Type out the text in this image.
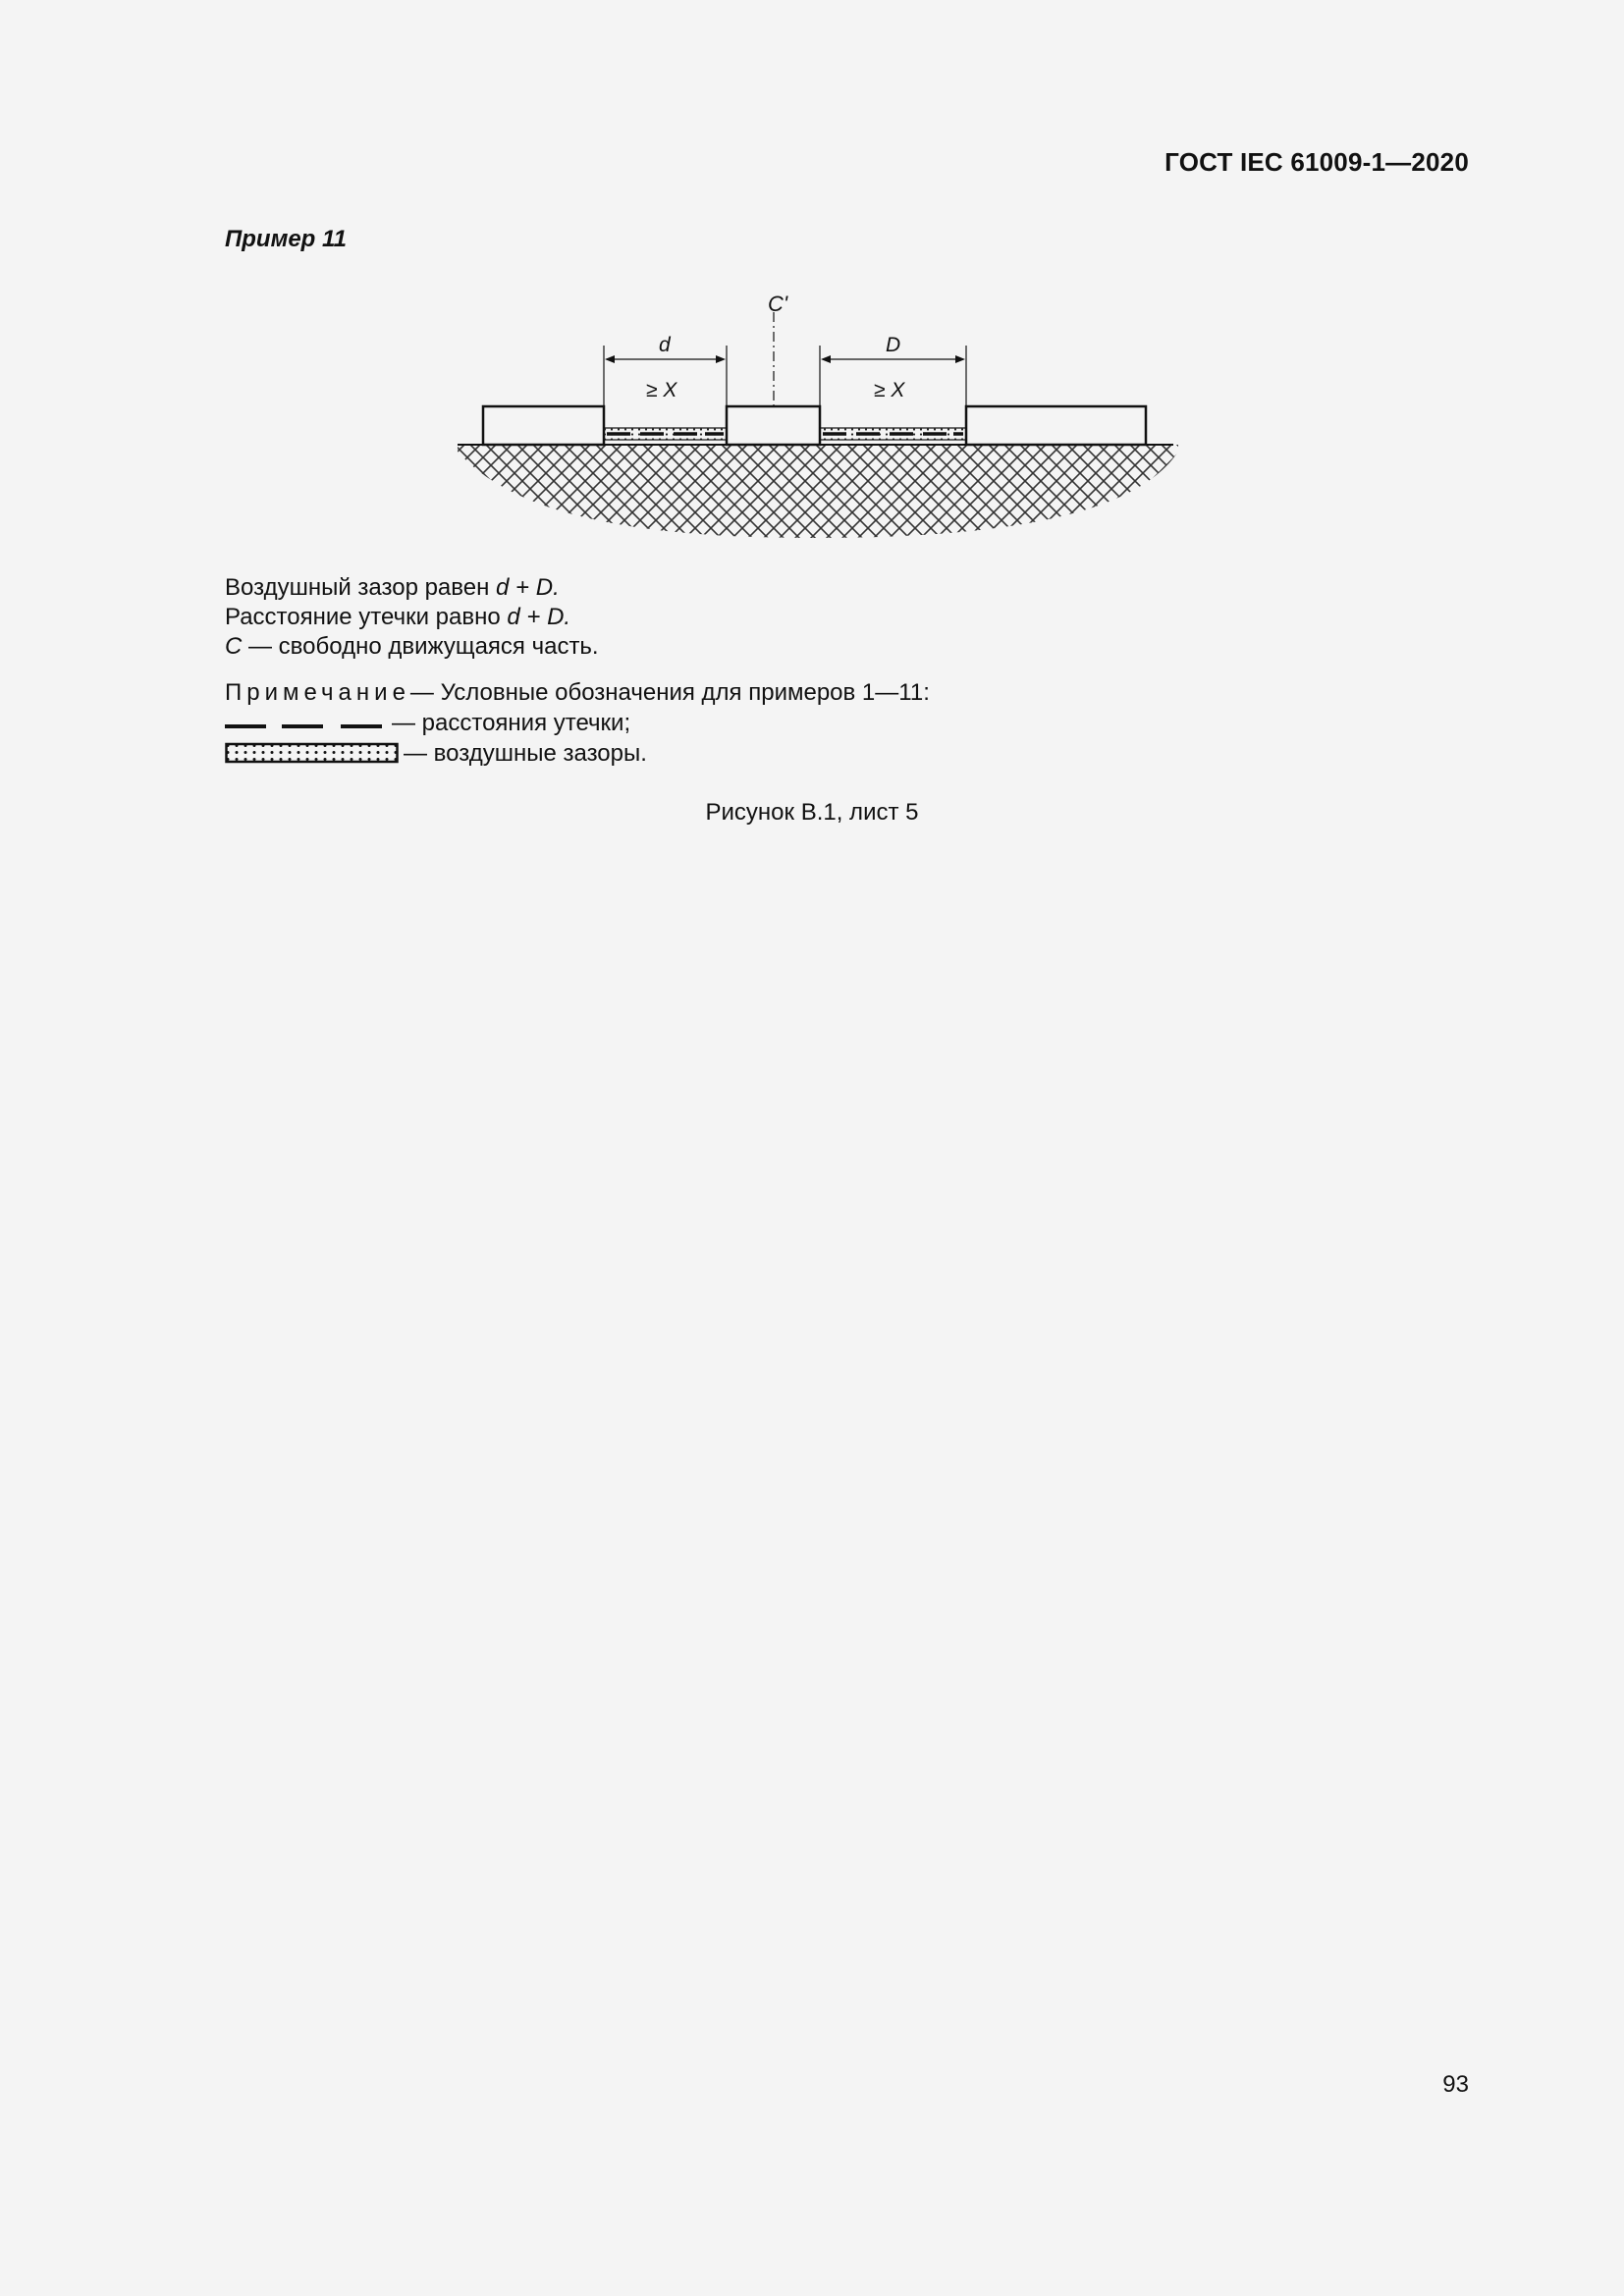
ГОСТ IEC 61009-1—2020
Пример 11
C'
d	D
≥ X	≥ X
Воздушный зазор равен d + D.
Расстояние утечки равно d + D.
C — свободно движущаяся часть.
Примечание — Условные обозначения для примеров 1—11:
— расстояния утечки;
— воздушные зазоры.
Рисунок В.1, лист 5
93
